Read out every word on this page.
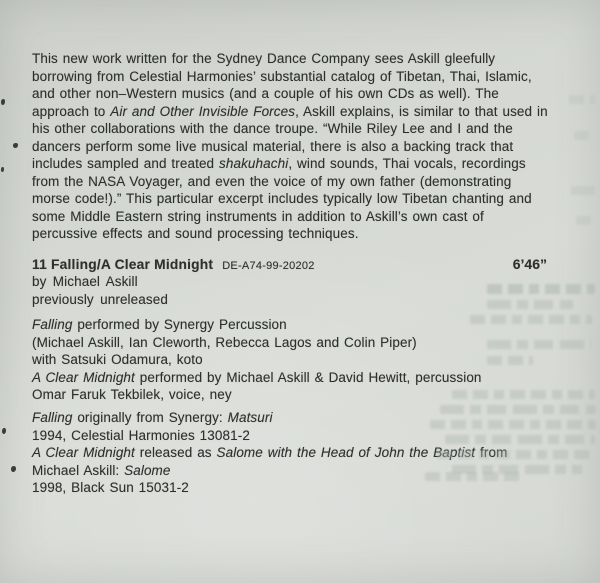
This new work written for the Sydney Dance Company sees Askill gleefully
borrowing from Celestial Harmonies’ substantial catalog of Tibetan, Thai, Islamic,
and other non–Western musics (and a couple of his own CDs as well). The
approach to Air and Other Invisible Forces, Askill explains, is similar to that used in
his other collaborations with the dance troupe. “While Riley Lee and I and the
dancers perform some live musical material, there is also a backing track that
includes sampled and treated shakuhachi, wind sounds, Thai vocals, recordings
from the NASA Voyager, and even the voice of my own father (demonstrating
morse code!).” This particular excerpt includes typically low Tibetan chanting and
some Middle Eastern string instruments in addition to Askill’s own cast of
percussive effects and sound processing techniques.
11 Falling/A Clear Midnight DE-A74-99-20202	6’46”
by Michael Askill
previously unreleased
Falling performed by Synergy Percussion
(Michael Askill, Ian Cleworth, Rebecca Lagos and Colin Piper)
with Satsuki Odamura, koto
A Clear Midnight performed by Michael Askill & David Hewitt, percussion
Omar Faruk Tekbilek, voice, ney
Falling originally from Synergy: Matsuri
1994, Celestial Harmonies 13081-2
A Clear Midnight released as Salome with the Head of John the Baptist from
Michael Askill: Salome
1998, Black Sun 15031-2
